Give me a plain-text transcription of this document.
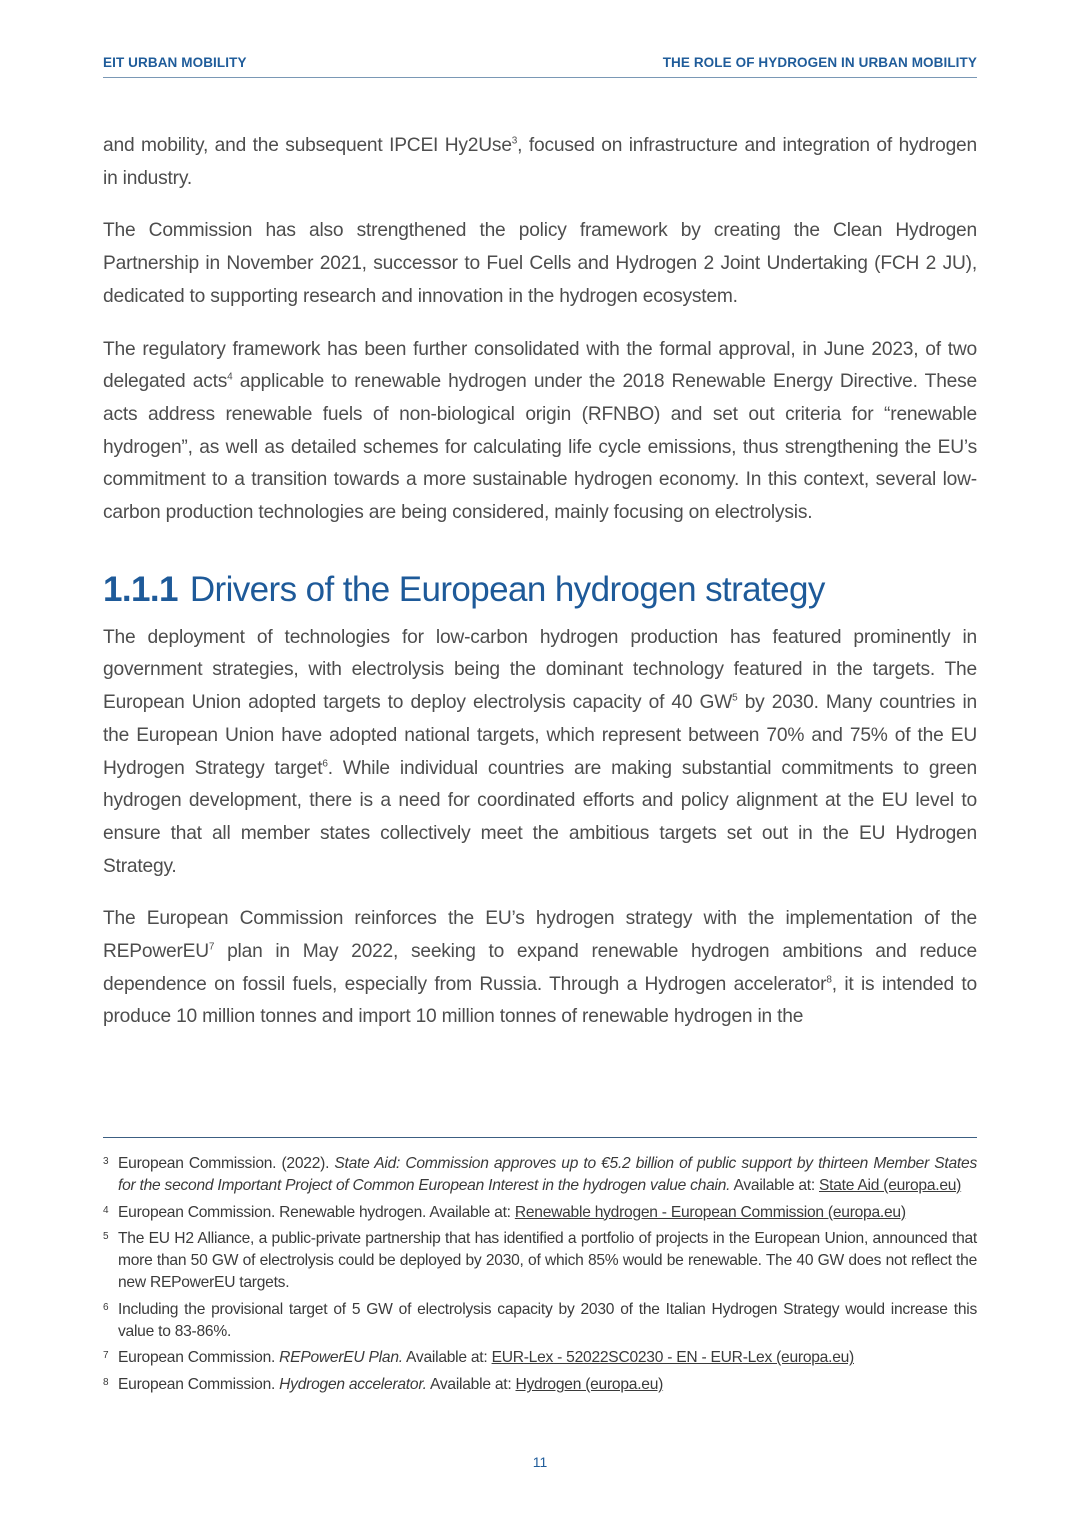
EIT URBAN MOBILITY	THE ROLE OF HYDROGEN IN URBAN MOBILITY

and mobility, and the subsequent IPCEI Hy2Use$^3$, focused on infrastructure and integration of hydrogen in industry.

The Commission has also strengthened the policy framework by creating the Clean Hydrogen Partnership in November 2021, successor to Fuel Cells and Hydrogen 2 Joint Undertaking (FCH 2 JU), dedicated to supporting research and innovation in the hydrogen ecosystem.

The regulatory framework has been further consolidated with the formal approval, in June 2023, of two delegated acts$^4$ applicable to renewable hydrogen under the 2018 Renewable Energy Directive. These acts address renewable fuels of non-biological origin (RFNBO) and set out criteria for “renewable hydrogen”, as well as detailed schemes for calculating life cycle emissions, thus strengthening the EU’s commitment to a transition towards a more sustainable hydrogen economy. In this context, several low-carbon production technologies are being considered, mainly focusing on electrolysis.

1.1.1 Drivers of the European hydrogen strategy

The deployment of technologies for low-carbon hydrogen production has featured prominently in government strategies, with electrolysis being the dominant technology featured in the targets. The European Union adopted targets to deploy electrolysis capacity of 40 $GW^5$ by 2030. Many countries in the European Union have adopted national targets, which represent between 70% and 75% of the EU Hydrogen Strategy target$^6$. While individual countries are making substantial commitments to green hydrogen development, there is a need for coordinated efforts and policy alignment at the EU level to ensure that all member states collectively meet the ambitious targets set out in the EU Hydrogen Strategy.

The European Commission reinforces the EU’s hydrogen strategy with the implementation of the REPowerEU$^7$ plan in May 2022, seeking to expand renewable hydrogen ambitions and reduce dependence on fossil fuels, especially from Russia. Through a Hydrogen accelerator$^8$, it is intended to produce 10 million tonnes and import 10 million tonnes of renewable hydrogen in the

3 European Commission. (2022). State Aid: Commission approves up to €5.2 billion of public support by thirteen Member States for the second Important Project of Common European Interest in the hydrogen value chain. Available at: State Aid (europa.eu)
4 European Commission. Renewable hydrogen. Available at: Renewable hydrogen - European Commission (europa.eu)
5 The EU H2 Alliance, a public-private partnership that has identified a portfolio of projects in the European Union, announced that more than 50 GW of electrolysis could be deployed by 2030, of which 85% would be renewable. The 40 GW does not reflect the new REPowerEU targets.
6 Including the provisional target of 5 GW of electrolysis capacity by 2030 of the Italian Hydrogen Strategy would increase this value to 83-86%.
7 European Commission. REPowerEU Plan. Available at: EUR-Lex - 52022SC0230 - EN - EUR-Lex (europa.eu)
8 European Commission. Hydrogen accelerator. Available at: Hydrogen (europa.eu)
11
